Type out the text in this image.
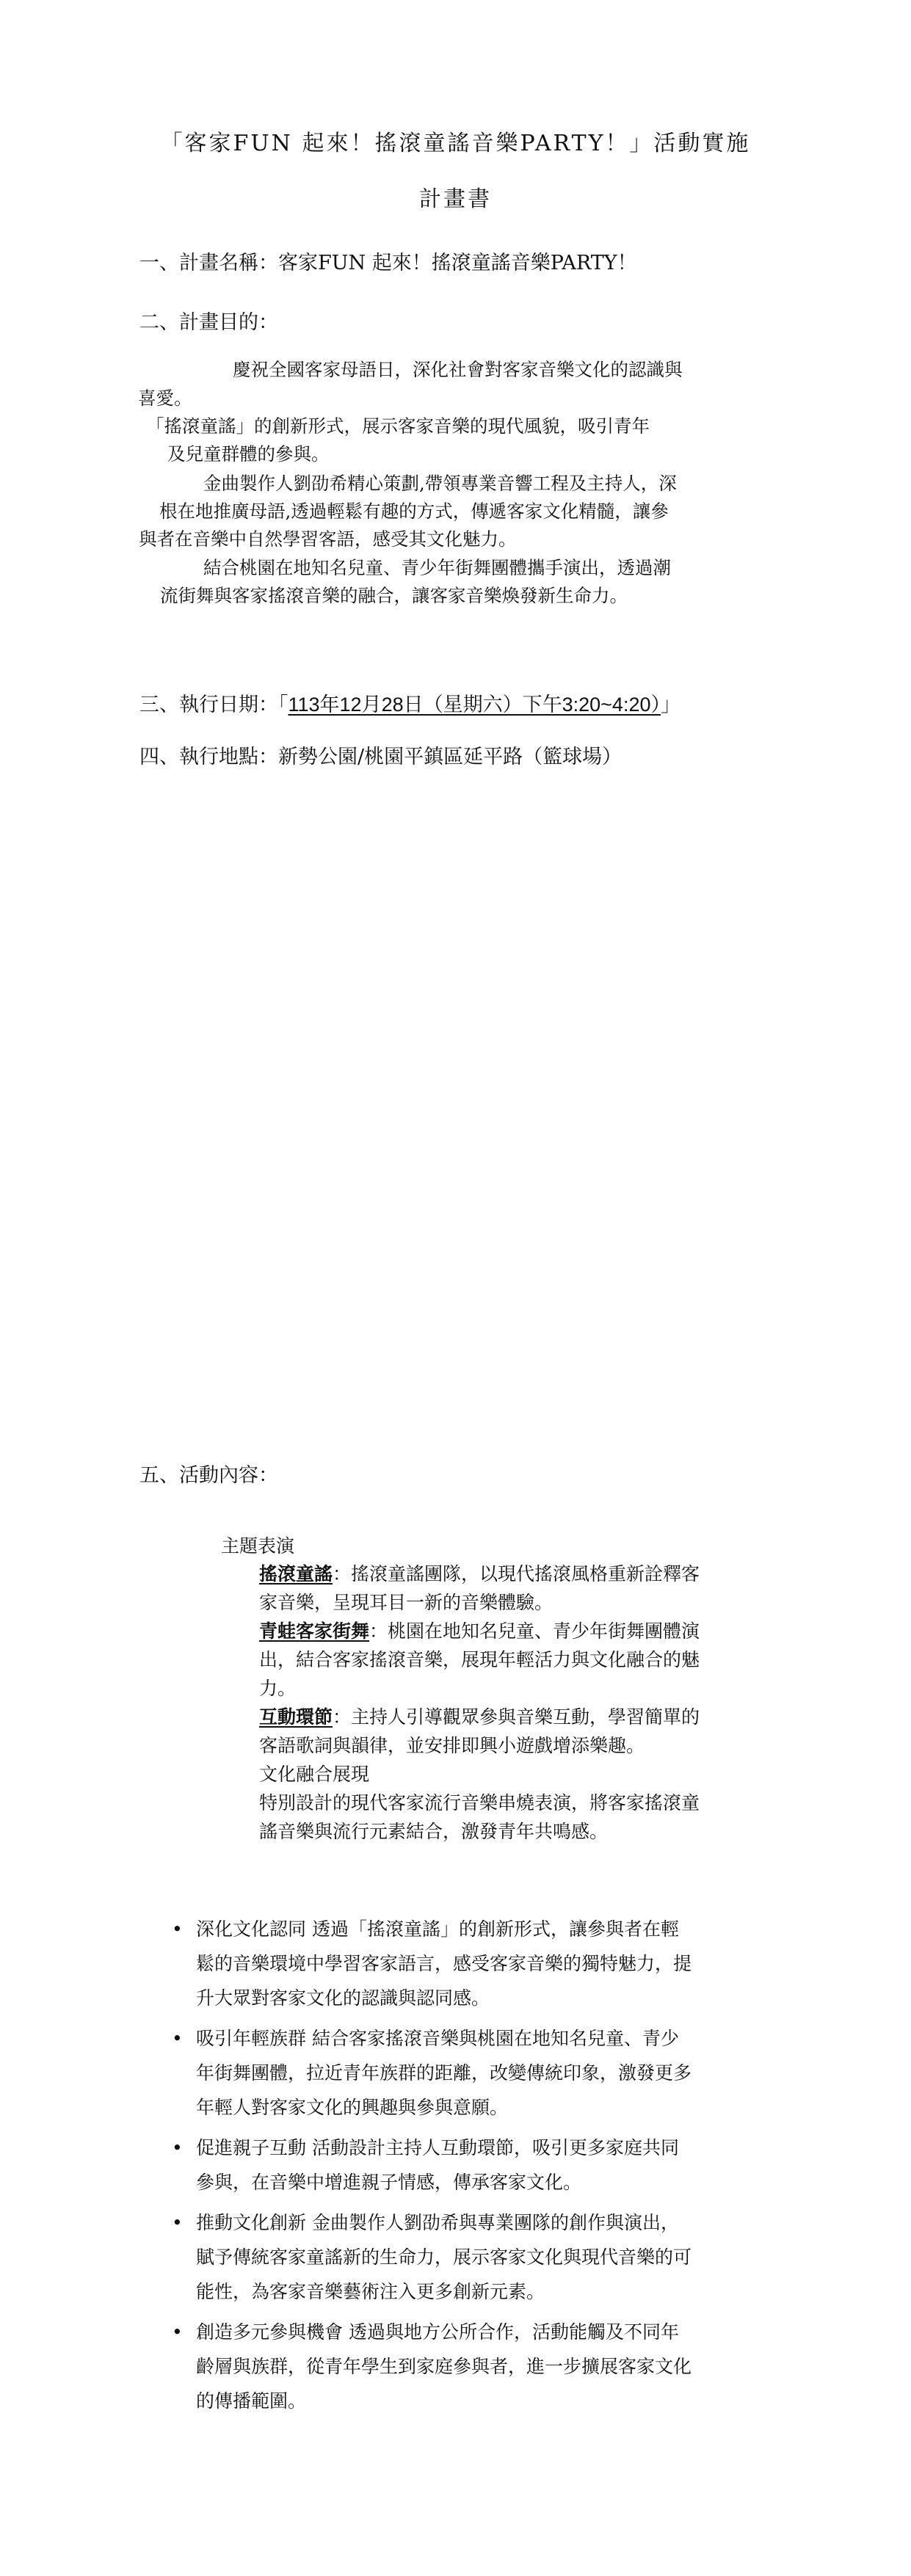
「客家FUN 起來！搖滾童謠音樂PARTY！」活動實施
計畫書
一、計畫名稱：客家FUN 起來！搖滾童謠音樂PARTY！
二、計畫目的：
慶祝全國客家母語日，深化社會對客家音樂文化的認識與
喜愛。
「搖滾童謠」的創新形式，展示客家音樂的現代風貌，吸引青年
及兒童群體的參與。
金曲製作人劉劭希精心策劃,帶領專業音響工程及主持人，深
根在地推廣母語,透過輕鬆有趣的方式，傳遞客家文化精髓，讓參
與者在音樂中自然學習客語，感受其文化魅力。
結合桃園在地知名兒童、青少年街舞團體攜手演出，透過潮
流街舞與客家搖滾音樂的融合，讓客家音樂煥發新生命力。
三、執行日期：「113年12月28日（星期六）下午3:20~4:20）」
四、執行地點：新勢公園/桃園平鎮區延平路（籃球場）
五、活動內容：
主題表演
搖滾童謠：搖滾童謠團隊，以現代搖滾風格重新詮釋客
家音樂，呈現耳目一新的音樂體驗。
青蛙客家街舞：桃園在地知名兒童、青少年街舞團體演
出，結合客家搖滾音樂，展現年輕活力與文化融合的魅
力。
互動環節：主持人引導觀眾參與音樂互動，學習簡單的
客語歌詞與韻律，並安排即興小遊戲增添樂趣。
文化融合展現
特別設計的現代客家流行音樂串燒表演，將客家搖滾童
謠音樂與流行元素結合，激發青年共鳴感。
• 深化文化認同 透過「搖滾童謠」的創新形式，讓參與者在輕
鬆的音樂環境中學習客家語言，感受客家音樂的獨特魅力，提
升大眾對客家文化的認識與認同感。
• 吸引年輕族群 結合客家搖滾音樂與桃園在地知名兒童、青少
年街舞團體，拉近青年族群的距離，改變傳統印象，激發更多
年輕人對客家文化的興趣與參與意願。
• 促進親子互動 活動設計主持人互動環節，吸引更多家庭共同
參與，在音樂中增進親子情感，傳承客家文化。
• 推動文化創新 金曲製作人劉劭希與專業團隊的創作與演出，
賦予傳統客家童謠新的生命力，展示客家文化與現代音樂的可
能性，為客家音樂藝術注入更多創新元素。
• 創造多元參與機會 透過與地方公所合作，活動能觸及不同年
齡層與族群，從青年學生到家庭參與者，進一步擴展客家文化
的傳播範圍。
